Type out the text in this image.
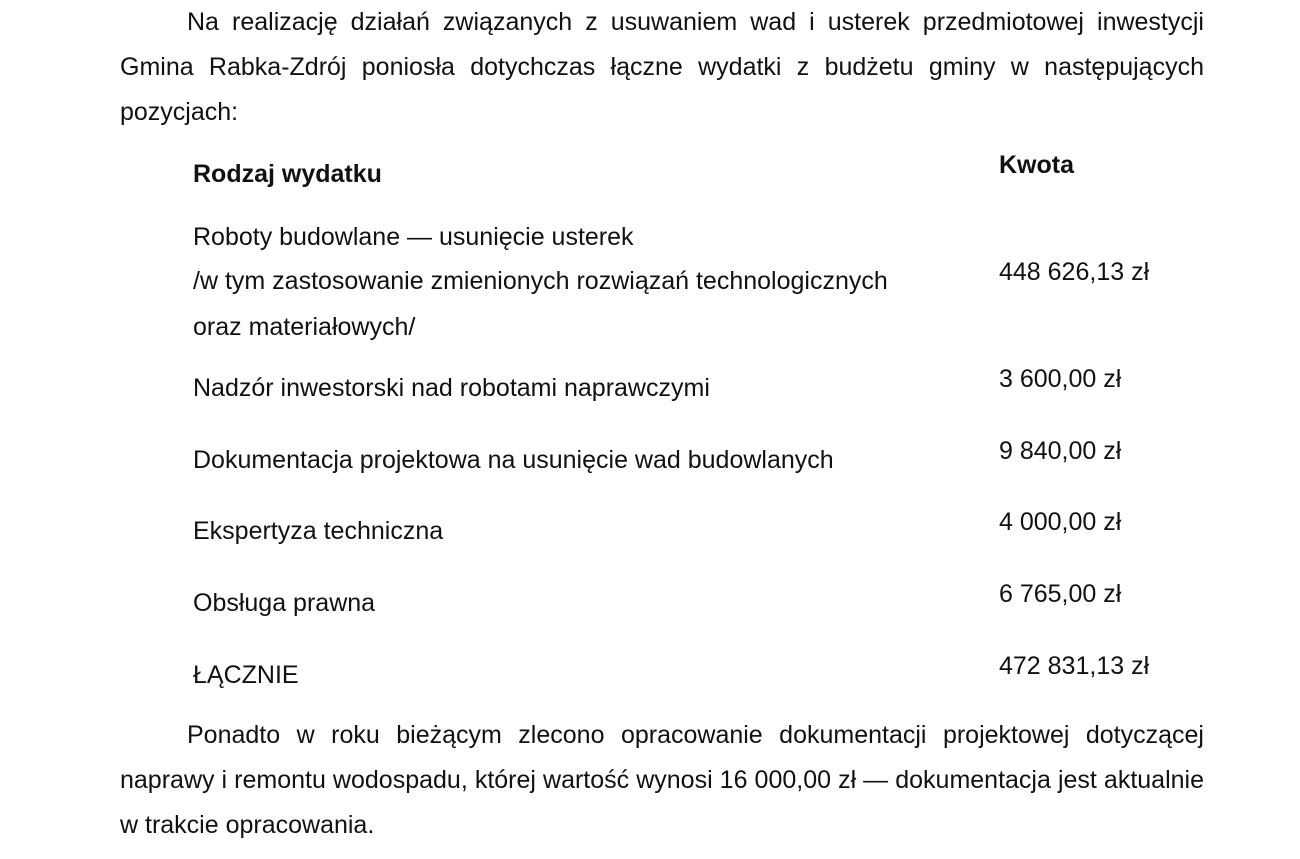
Na realizację działań związanych z usuwaniem wad i usterek przedmiotowej inwestycji Gmina Rabka-Zdrój poniosła dotychczas łączne wydatki z budżetu gminy w następujących pozycjach:

Rodzaj wydatku	Kwota
Roboty budowlane — usunięcie usterek
/w tym zastosowanie zmienionych rozwiązań technologicznych
oraz materiałowych/
448 626,13 zł
Nadzór inwestorski nad robotami naprawczymi	3 600,00 zł
Dokumentacja projektowa na usunięcie wad budowlanych	9 840,00 zł
Ekspertyza techniczna	4 000,00 zł
Obsługa prawna	6 765,00 zł
ŁĄCZNIE	472 831,13 zł

Ponadto w roku bieżącym zlecono opracowanie dokumentacji projektowej dotyczącej naprawy i remontu wodospadu, której wartość wynosi 16 000,00 zł — dokumentacja jest aktualnie w trakcie opracowania.
